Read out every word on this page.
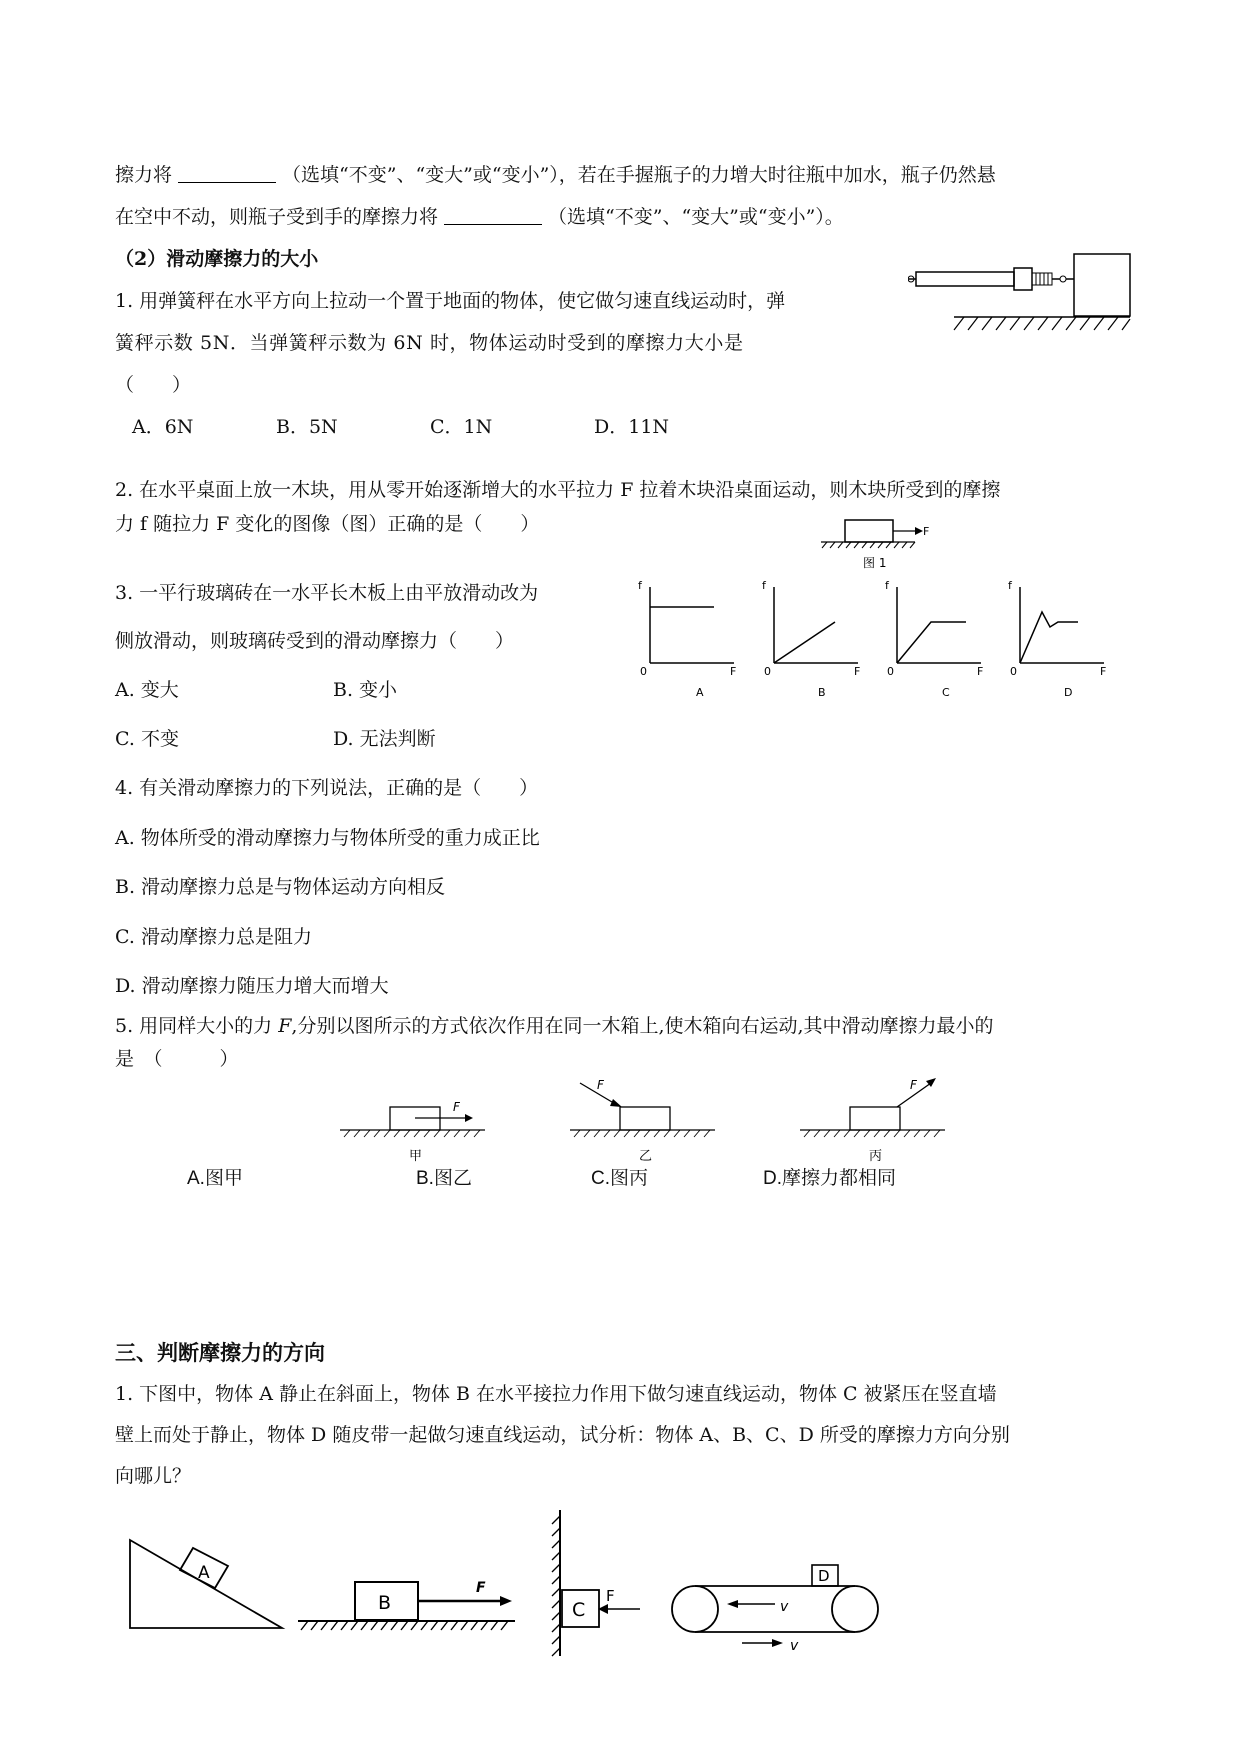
擦力将	（选填“不变”、“变大”或“变小”），若在手握瓶子的力增大时往瓶中加水，瓶子仍然悬
在空中不动，则瓶子受到手的摩擦力将	（选填“不变”、“变大”或“变小”）。
（2）滑动摩擦力的大小
1. 用弹簧秤在水平方向上拉动一个置于地面的物体，使它做匀速直线运动时，弹
簧秤示数 5N．当弹簧秤示数为 6N 时，物体运动时受到的摩擦力大小是
（　　）
A．6N	B．5N	C．1N	D．11N
2. 在水平桌面上放一木块，用从零开始逐渐增大的水平拉力 F 拉着木块沿桌面运动，则木块所受到的摩擦
力 f 随拉力 F 变化的图像（图）正确的是（　　）	F
图 1
f	f	f	f
0	0	0	0
F	F	F	F
A	B	C	D
3. 一平行玻璃砖在一水平长木板上由平放滑动改为
侧放滑动，则玻璃砖受到的滑动摩擦力（　　）
A. 变大	B. 变小
C. 不变	D. 无法判断
4. 有关滑动摩擦力的下列说法，正确的是（　　）
A. 物体所受的滑动摩擦力与物体所受的重力成正比
B. 滑动摩擦力总是与物体运动方向相反
C. 滑动摩擦力总是阻力
D. 滑动摩擦力随压力增大而增大
5. 用同样大小的力 F,分别以图所示的方式依次作用在同一木箱上,使木箱向右运动,其中滑动摩擦力最小的
是　（　　　）
F
F	F
甲	乙	丙
A.图甲	B.图乙	C.图丙	D.摩擦力都相同
三、判断摩擦力的方向
1. 下图中，物体 A 静止在斜面上，物体 B 在水平接拉力作用下做匀速直线运动，物体 C 被紧压在竖直墙
壁上而处于静止，物体 D 随皮带一起做匀速直线运动，试分析：物体 A、B、C、D 所受的摩擦力方向分别
向哪儿？
A
B
F
C
F
D
v
v
